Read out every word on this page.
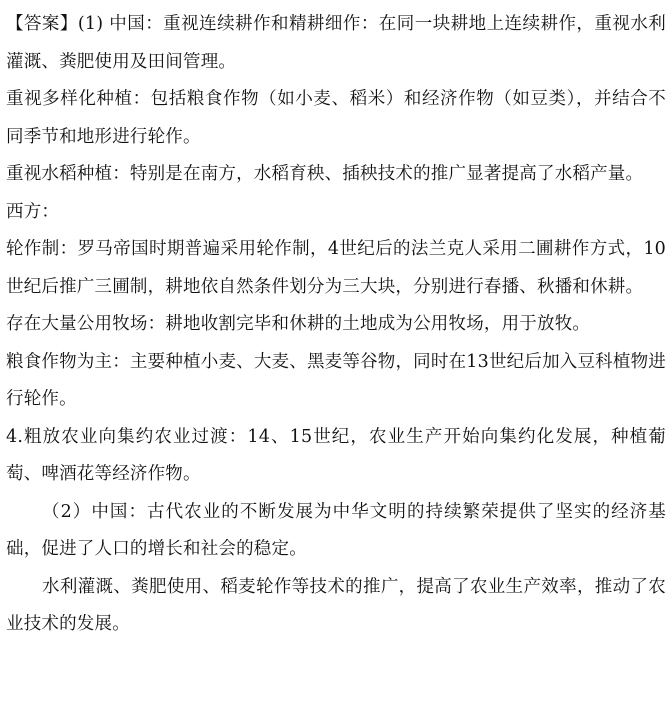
【答案】(1) 中国：重视连续耕作和精耕细作：在同一块耕地上连续耕作，重视水利灌溉、粪肥使用及田间管理。

重视多样化种植：包括粮食作物（如小麦、稻米）和经济作物（如豆类），并结合不同季节和地形进行轮作。

重视水稻种植：特别是在南方，水稻育秧、插秧技术的推广显著提高了水稻产量。

西方：

轮作制：罗马帝国时期普遍采用轮作制，4世纪后的法兰克人采用二圃耕作方式，10世纪后推广三圃制，耕地依自然条件划分为三大块，分别进行春播、秋播和休耕。

存在大量公用牧场：耕地收割完毕和休耕的土地成为公用牧场，用于放牧。

粮食作物为主：主要种植小麦、大麦、黑麦等谷物，同时在13世纪后加入豆科植物进行轮作。

4.粗放农业向集约农业过渡：14、15世纪，农业生产开始向集约化发展，种植葡萄、啤酒花等经济作物。

（2）中国：古代农业的不断发展为中华文明的持续繁荣提供了坚实的经济基础，促进了人口的增长和社会的稳定。

水利灌溉、粪肥使用、稻麦轮作等技术的推广，提高了农业生产效率，推动了农业技术的发展。
